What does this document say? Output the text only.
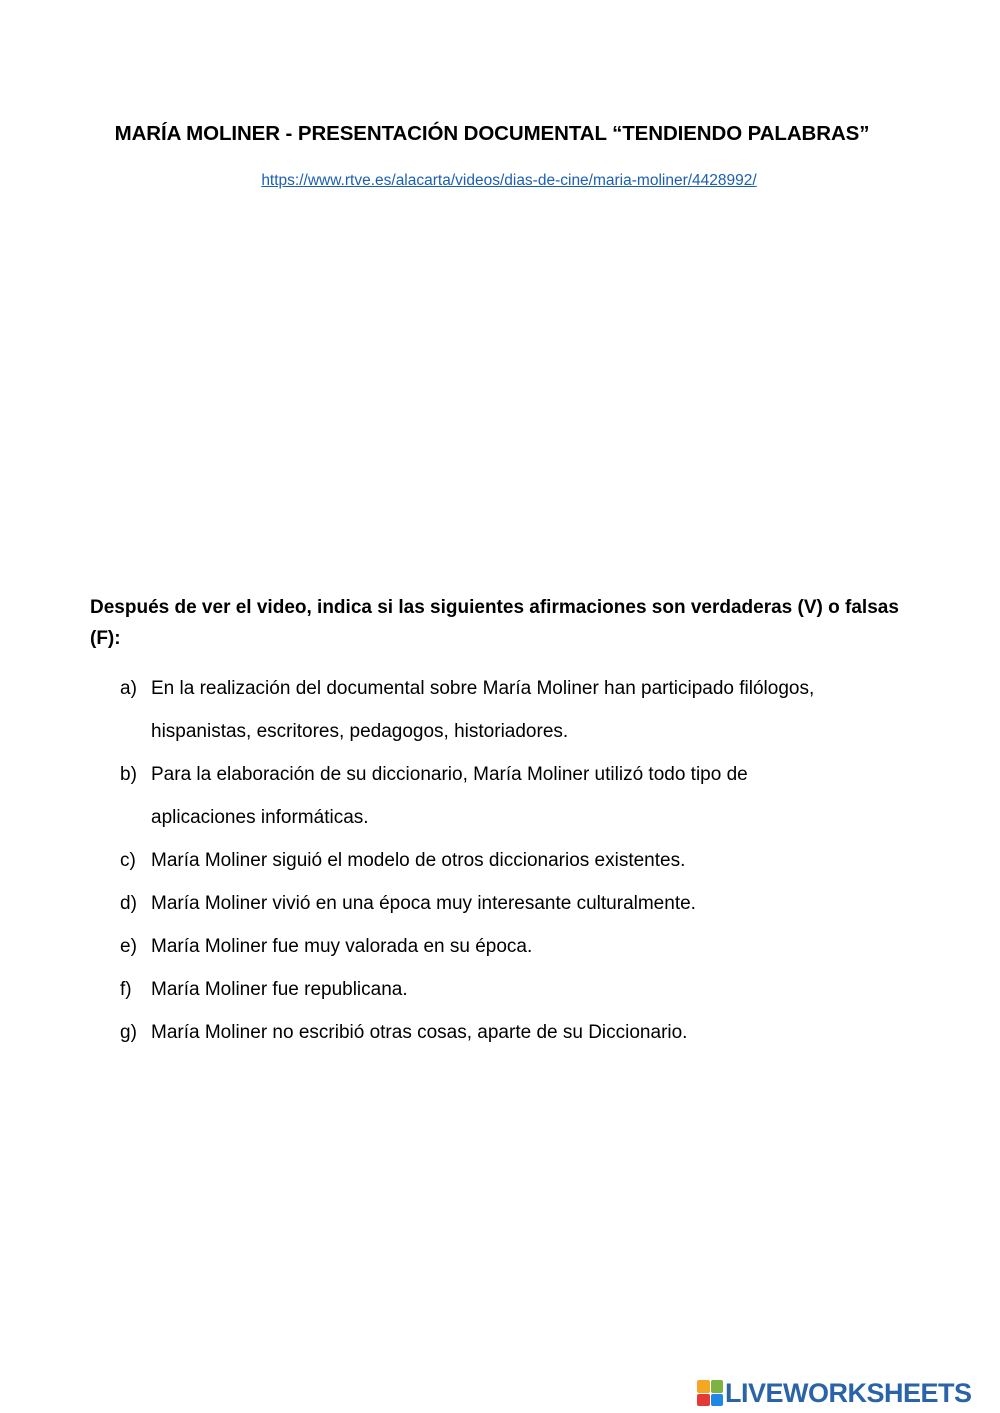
MARÍA MOLINER - PRESENTACIÓN DOCUMENTAL “TENDIENDO PALABRAS”
https://www.rtve.es/alacarta/videos/dias-de-cine/maria-moliner/4428992/
Después de ver el video, indica si las siguientes afirmaciones son verdaderas (V) o falsas (F):
a) En la realización del documental sobre María Moliner han participado filólogos,
hispanistas, escritores, pedagogos, historiadores.
b) Para la elaboración de su diccionario, María Moliner utilizó todo tipo de
aplicaciones informáticas.
c) María Moliner siguió el modelo de otros diccionarios existentes.
d) María Moliner vivió en una época muy interesante culturalmente.
e) María Moliner fue muy valorada en su época.
f) María Moliner fue republicana.
g) María Moliner no escribió otras cosas, aparte de su Diccionario.
LIVEWORKSHEETS
